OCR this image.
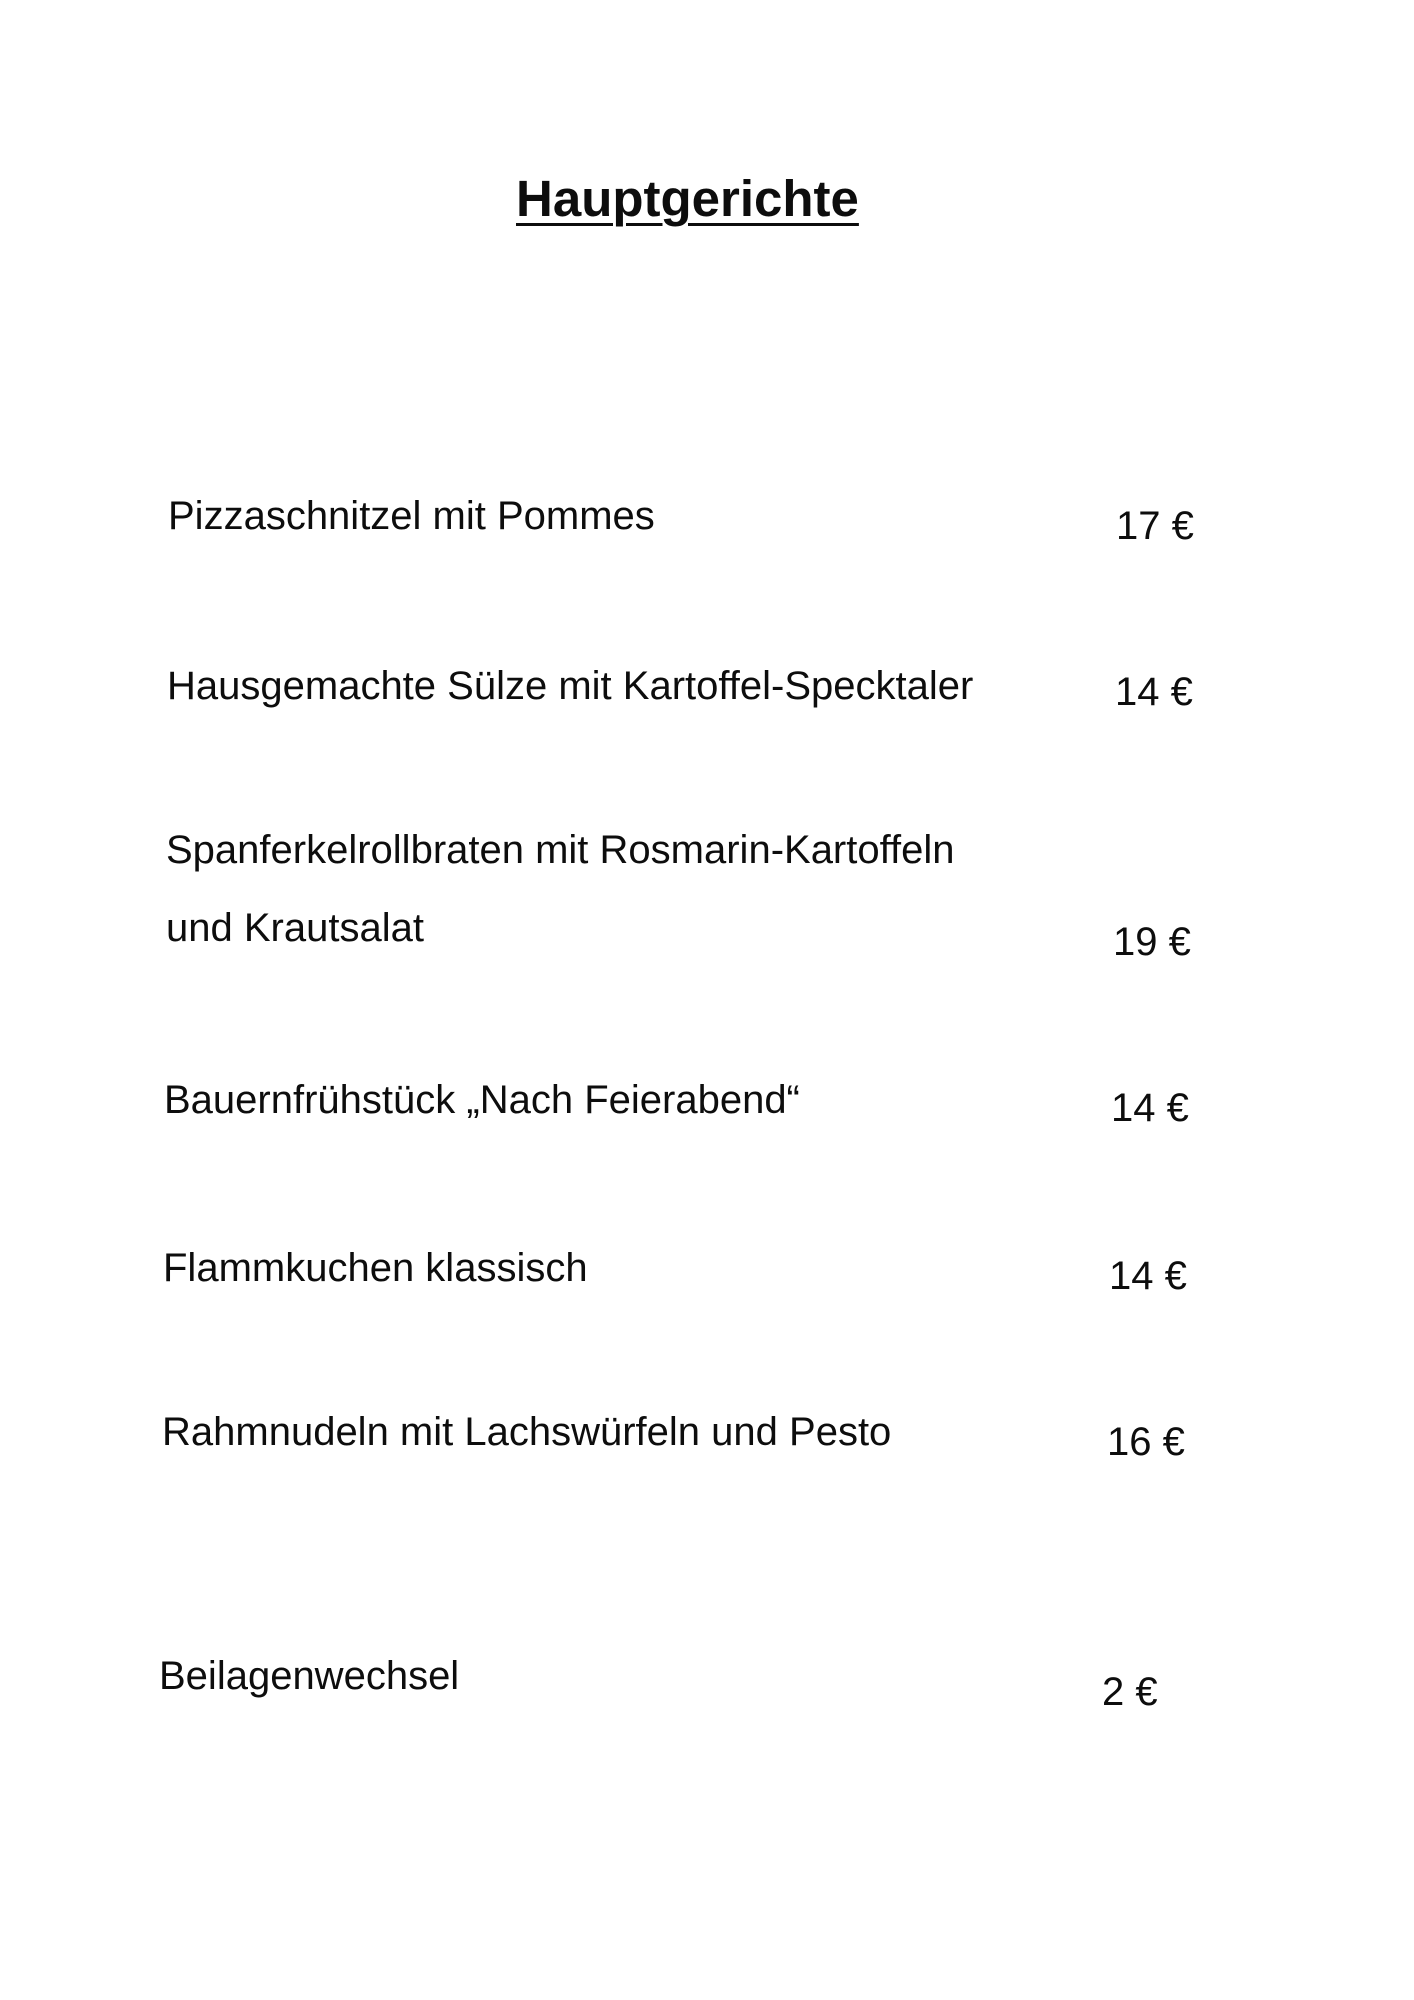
Hauptgerichte
Pizzaschnitzel mit Pommes	17 €
Hausgemachte Sülze mit Kartoffel-Specktaler	14 €
Spanferkelrollbraten mit Rosmarin-Kartoffeln
und Krautsalat	19 €
Bauernfrühstück „Nach Feierabend“	14 €
Flammkuchen klassisch	14 €
Rahmnudeln mit Lachswürfeln und Pesto	16 €
Beilagenwechsel	2 €
